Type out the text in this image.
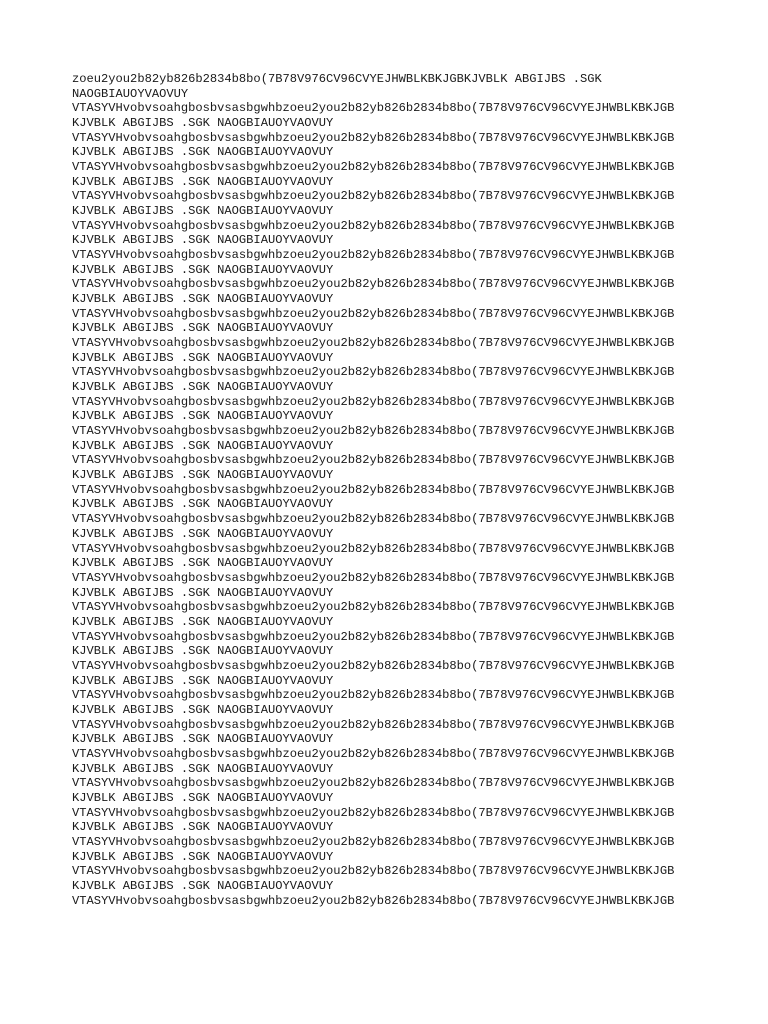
zoeu2you2b82yb826b2834b8bo(7B78V976CV96CVYEJHWBLKBKJGBKJVBLK ABGIJBS .SGK
NAOGBIAUOYVAOVUY
VTASYVHvobvsoahgbosbvsasbgwhbzoeu2you2b82yb826b2834b8bo(7B78V976CV96CVYEJHWBLKBKJGB
KJVBLK ABGIJBS .SGK NAOGBIAUOYVAOVUY
VTASYVHvobvsoahgbosbvsasbgwhbzoeu2you2b82yb826b2834b8bo(7B78V976CV96CVYEJHWBLKBKJGB
KJVBLK ABGIJBS .SGK NAOGBIAUOYVAOVUY
VTASYVHvobvsoahgbosbvsasbgwhbzoeu2you2b82yb826b2834b8bo(7B78V976CV96CVYEJHWBLKBKJGB
KJVBLK ABGIJBS .SGK NAOGBIAUOYVAOVUY
VTASYVHvobvsoahgbosbvsasbgwhbzoeu2you2b82yb826b2834b8bo(7B78V976CV96CVYEJHWBLKBKJGB
KJVBLK ABGIJBS .SGK NAOGBIAUOYVAOVUY
VTASYVHvobvsoahgbosbvsasbgwhbzoeu2you2b82yb826b2834b8bo(7B78V976CV96CVYEJHWBLKBKJGB
KJVBLK ABGIJBS .SGK NAOGBIAUOYVAOVUY
VTASYVHvobvsoahgbosbvsasbgwhbzoeu2you2b82yb826b2834b8bo(7B78V976CV96CVYEJHWBLKBKJGB
KJVBLK ABGIJBS .SGK NAOGBIAUOYVAOVUY
VTASYVHvobvsoahgbosbvsasbgwhbzoeu2you2b82yb826b2834b8bo(7B78V976CV96CVYEJHWBLKBKJGB
KJVBLK ABGIJBS .SGK NAOGBIAUOYVAOVUY
VTASYVHvobvsoahgbosbvsasbgwhbzoeu2you2b82yb826b2834b8bo(7B78V976CV96CVYEJHWBLKBKJGB
KJVBLK ABGIJBS .SGK NAOGBIAUOYVAOVUY
VTASYVHvobvsoahgbosbvsasbgwhbzoeu2you2b82yb826b2834b8bo(7B78V976CV96CVYEJHWBLKBKJGB
KJVBLK ABGIJBS .SGK NAOGBIAUOYVAOVUY
VTASYVHvobvsoahgbosbvsasbgwhbzoeu2you2b82yb826b2834b8bo(7B78V976CV96CVYEJHWBLKBKJGB
KJVBLK ABGIJBS .SGK NAOGBIAUOYVAOVUY
VTASYVHvobvsoahgbosbvsasbgwhbzoeu2you2b82yb826b2834b8bo(7B78V976CV96CVYEJHWBLKBKJGB
KJVBLK ABGIJBS .SGK NAOGBIAUOYVAOVUY
VTASYVHvobvsoahgbosbvsasbgwhbzoeu2you2b82yb826b2834b8bo(7B78V976CV96CVYEJHWBLKBKJGB
KJVBLK ABGIJBS .SGK NAOGBIAUOYVAOVUY
VTASYVHvobvsoahgbosbvsasbgwhbzoeu2you2b82yb826b2834b8bo(7B78V976CV96CVYEJHWBLKBKJGB
KJVBLK ABGIJBS .SGK NAOGBIAUOYVAOVUY
VTASYVHvobvsoahgbosbvsasbgwhbzoeu2you2b82yb826b2834b8bo(7B78V976CV96CVYEJHWBLKBKJGB
KJVBLK ABGIJBS .SGK NAOGBIAUOYVAOVUY
VTASYVHvobvsoahgbosbvsasbgwhbzoeu2you2b82yb826b2834b8bo(7B78V976CV96CVYEJHWBLKBKJGB
KJVBLK ABGIJBS .SGK NAOGBIAUOYVAOVUY
VTASYVHvobvsoahgbosbvsasbgwhbzoeu2you2b82yb826b2834b8bo(7B78V976CV96CVYEJHWBLKBKJGB
KJVBLK ABGIJBS .SGK NAOGBIAUOYVAOVUY
VTASYVHvobvsoahgbosbvsasbgwhbzoeu2you2b82yb826b2834b8bo(7B78V976CV96CVYEJHWBLKBKJGB
KJVBLK ABGIJBS .SGK NAOGBIAUOYVAOVUY
VTASYVHvobvsoahgbosbvsasbgwhbzoeu2you2b82yb826b2834b8bo(7B78V976CV96CVYEJHWBLKBKJGB
KJVBLK ABGIJBS .SGK NAOGBIAUOYVAOVUY
VTASYVHvobvsoahgbosbvsasbgwhbzoeu2you2b82yb826b2834b8bo(7B78V976CV96CVYEJHWBLKBKJGB
KJVBLK ABGIJBS .SGK NAOGBIAUOYVAOVUY
VTASYVHvobvsoahgbosbvsasbgwhbzoeu2you2b82yb826b2834b8bo(7B78V976CV96CVYEJHWBLKBKJGB
KJVBLK ABGIJBS .SGK NAOGBIAUOYVAOVUY
VTASYVHvobvsoahgbosbvsasbgwhbzoeu2you2b82yb826b2834b8bo(7B78V976CV96CVYEJHWBLKBKJGB
KJVBLK ABGIJBS .SGK NAOGBIAUOYVAOVUY
VTASYVHvobvsoahgbosbvsasbgwhbzoeu2you2b82yb826b2834b8bo(7B78V976CV96CVYEJHWBLKBKJGB
KJVBLK ABGIJBS .SGK NAOGBIAUOYVAOVUY
VTASYVHvobvsoahgbosbvsasbgwhbzoeu2you2b82yb826b2834b8bo(7B78V976CV96CVYEJHWBLKBKJGB
KJVBLK ABGIJBS .SGK NAOGBIAUOYVAOVUY
VTASYVHvobvsoahgbosbvsasbgwhbzoeu2you2b82yb826b2834b8bo(7B78V976CV96CVYEJHWBLKBKJGB
KJVBLK ABGIJBS .SGK NAOGBIAUOYVAOVUY
VTASYVHvobvsoahgbosbvsasbgwhbzoeu2you2b82yb826b2834b8bo(7B78V976CV96CVYEJHWBLKBKJGB
KJVBLK ABGIJBS .SGK NAOGBIAUOYVAOVUY
VTASYVHvobvsoahgbosbvsasbgwhbzoeu2you2b82yb826b2834b8bo(7B78V976CV96CVYEJHWBLKBKJGB
KJVBLK ABGIJBS .SGK NAOGBIAUOYVAOVUY
VTASYVHvobvsoahgbosbvsasbgwhbzoeu2you2b82yb826b2834b8bo(7B78V976CV96CVYEJHWBLKBKJGB
KJVBLK ABGIJBS .SGK NAOGBIAUOYVAOVUY
VTASYVHvobvsoahgbosbvsasbgwhbzoeu2you2b82yb826b2834b8bo(7B78V976CV96CVYEJHWBLKBKJGB
